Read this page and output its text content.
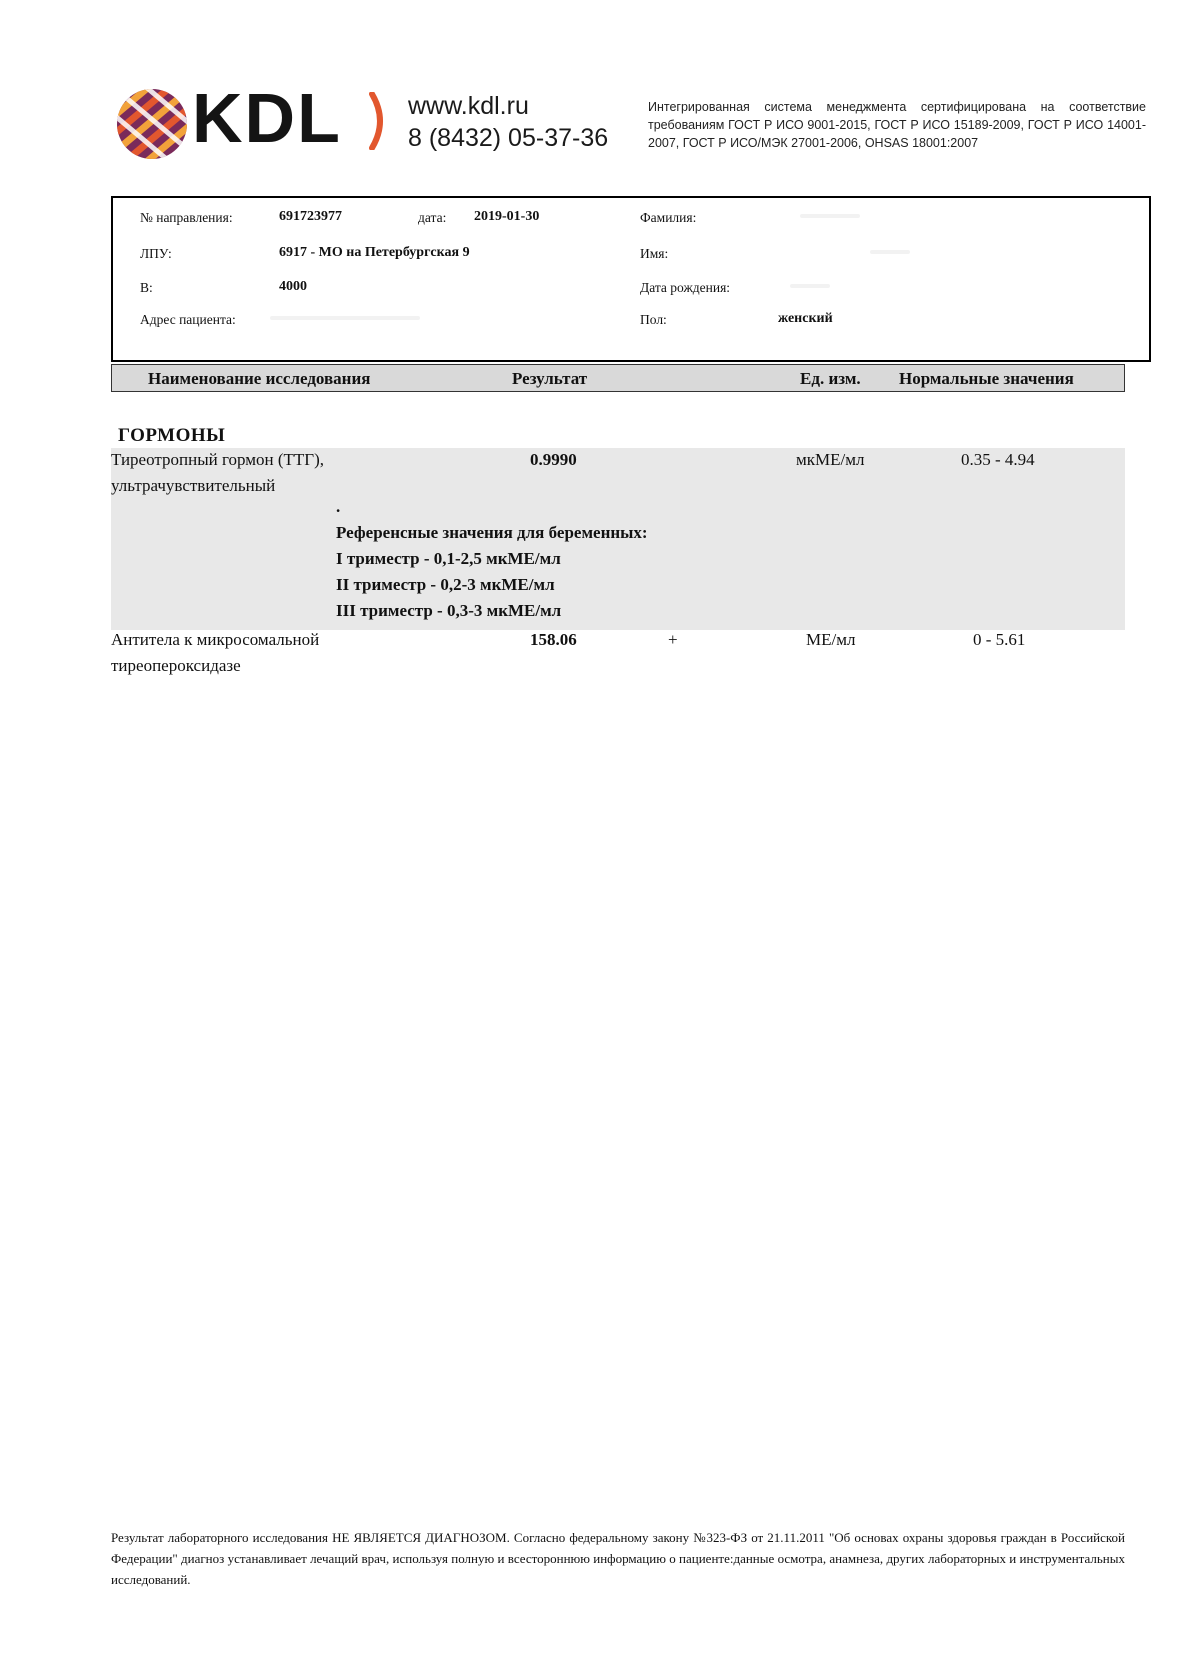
KDL	www.kdl.ru
8 (8432) 05-37-36
Интегрированная система менеджмента сертифицирована на соответствие требованиям ГОСТ Р ИСО 9001-2015, ГОСТ Р ИСО 15189-2009, ГОСТ Р ИСО 14001-2007, ГОСТ Р ИСО/МЭК 27001-2006, OHSAS 18001:2007
№ направления:	691723977	дата: 2019-01-30	Фамилия:
ЛПУ:	6917 - МО на Петербургская 9	Имя:
В:	4000	Дата рождения:
Адрес пациента:	Пол:	женский
Наименование исследования	Результат	Ед. изм. Нормальные значения
ГОРМОНЫ
Тиреотропный гормон (ТТГ),
ультрачувствительный
0.9990	мкМЕ/мл	0.35 - 4.94
.
Референсные значения для беременных:
I триместр - 0,1-2,5 мкМЕ/мл
II триместр - 0,2-3 мкМЕ/мл
III триместр - 0,3-3 мкМЕ/мл
Антитела к микросомальной
тиреопероксидазе
158.06	+	МЕ/мл	0 - 5.61
Результат лабораторного исследования НЕ ЯВЛЯЕТСЯ ДИАГНОЗОМ. Согласно федеральному закону №323-ФЗ от 21.11.2011 "Об основах охраны здоровья граждан в Российской Федерации" диагноз устанавливает лечащий врач, используя полную и всестороннюю информацию о пациенте:данные осмотра, анамнеза, других лабораторных и инструментальных исследований.
